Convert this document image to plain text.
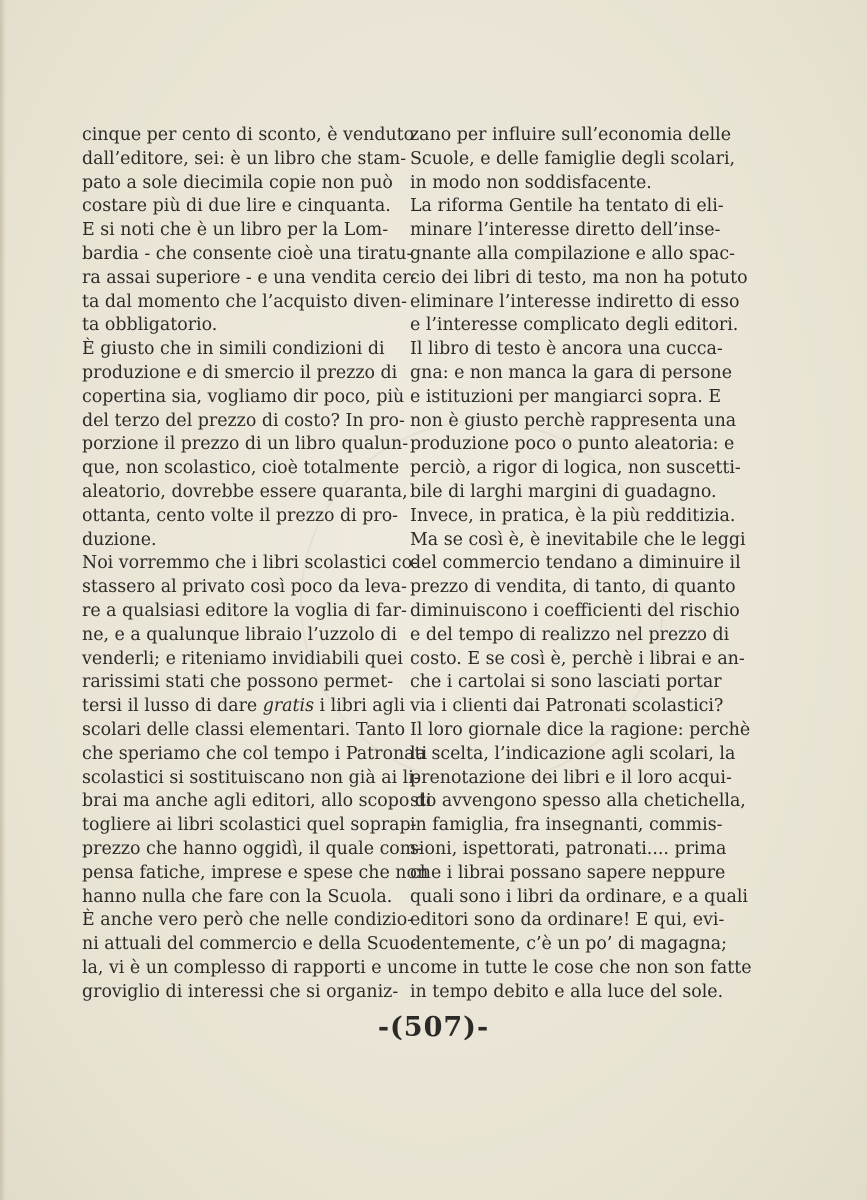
cinque per cento di sconto, è venduto
dall’editore, sei: è un libro che stam-
pato a sole diecimila copie non può
costare più di due lire e cinquanta.
E si noti che è un libro per la Lom-
bardia - che consente cioè una tiratu-
ra assai superiore - e una vendita cer-
ta dal momento che l’acquisto diven-
ta obbligatorio.
È giusto che in simili condizioni di
produzione e di smercio il prezzo di
copertina sia, vogliamo dir poco, più
del terzo del prezzo di costo? In pro-
porzione il prezzo di un libro qualun-
que, non scolastico, cioè totalmente
aleatorio, dovrebbe essere quaranta,
ottanta, cento volte il prezzo di pro-
duzione.
Noi vorremmo che i libri scolastici co-
stassero al privato così poco da leva-
re a qualsiasi editore la voglia di far-
ne, e a qualunque libraio l’uzzolo di
venderli; e riteniamo invidiabili quei
rarissimi stati che possono permet-
tersi il lusso di dare gratis i libri agli
scolari delle classi elementari. Tanto
che speriamo che col tempo i Patronati
scolastici si sostituiscano non già ai li-
brai ma anche agli editori, allo scopo di
togliere ai libri scolastici quel soprap-
prezzo che hanno oggidì, il quale com-
pensa fatiche, imprese e spese che non
hanno nulla che fare con la Scuola.
È anche vero però che nelle condizio-
ni attuali del commercio e della Scuo-
la, vi è un complesso di rapporti e un
groviglio di interessi che si organiz-
zano per influire sull’economia delle
Scuole, e delle famiglie degli scolari,
in modo non soddisfacente.
La riforma Gentile ha tentato di eli-
minare l’interesse diretto dell’inse-
gnante alla compilazione e allo spac-
cio dei libri di testo, ma non ha potuto
eliminare l’interesse indiretto di esso
e l’interesse complicato degli editori.
Il libro di testo è ancora una cucca-
gna: e non manca la gara di persone
e istituzioni per mangiarci sopra. E
non è giusto perchè rappresenta una
produzione poco o punto aleatoria: e
perciò, a rigor di logica, non suscetti-
bile di larghi margini di guadagno.
Invece, in pratica, è la più redditizia.
Ma se così è, è inevitabile che le leggi
del commercio tendano a diminuire il
prezzo di vendita, di tanto, di quanto
diminuiscono i coefficienti del rischio
e del tempo di realizzo nel prezzo di
costo. E se così è, perchè i librai e an-
che i cartolai si sono lasciati portar
via i clienti dai Patronati scolastici?
Il loro giornale dice la ragione: perchè
la scelta, l’indicazione agli scolari, la
prenotazione dei libri e il loro acqui-
sto avvengono spesso alla chetichella,
in famiglia, fra insegnanti, commis-
sioni, ispettorati, patronati.... prima
che i librai possano sapere neppure
quali sono i libri da ordinare, e a quali
editori sono da ordinare! E qui, evi-
dentemente, c’è un po’ di magagna;
come in tutte le cose che non son fatte
in tempo debito e alla luce del sole.
-(507)-
